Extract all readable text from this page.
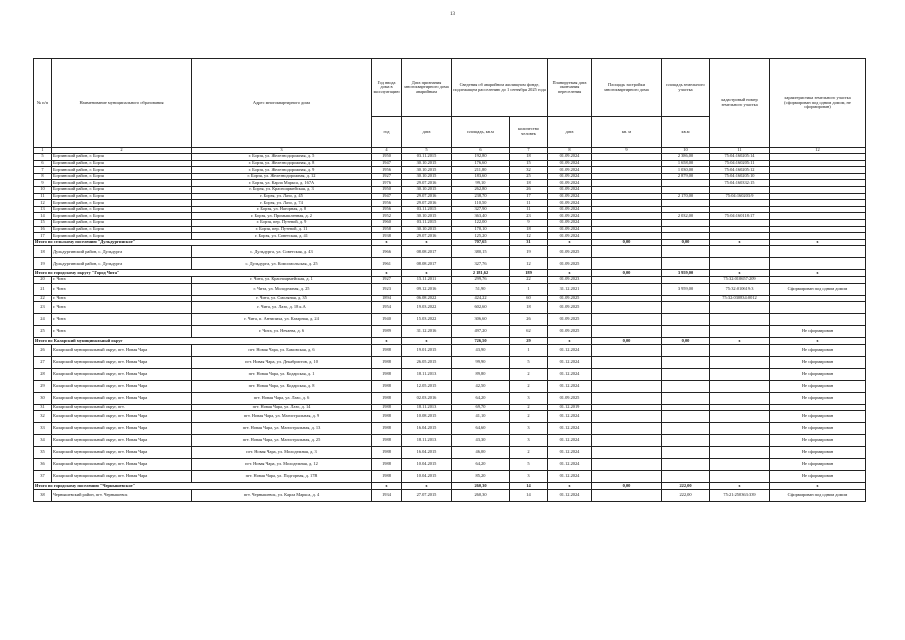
13
№ п/п	Наименование муниципального образования	Адрес многоквартирного дома	Год ввода дома в эксплуатацию	Дата признания многоквартирного дома аварийным	Сведения об аварийном жилищном фонде, подлежащем расселению до 1 сентября 2025 года		Планируемая дата окончания переселения	Площадь застройки многоквартирного дома	площадь земельного участка	кадастровый номер земельного участка	характеристика земельного участка (сформирован под одним домом, не сформирован)
			год	дата	площадь, кв.м	количество человек	дата	кв. м	кв.м		
1	2	3	4	5	6	7	8	9	10	11	12
5	Борзинский район, г. Борзя	г. Борзя, ул. Железнодорожная, д. 5	1950	03.11.2015	192,80	18	01.09.2024		2 386,00	75:04:160205:14	
6	Борзинский район, г. Борзя	г. Борзя, ул. Железнодорожная, д. 8	1947	30.10.2015	176,60	15	01.09.2024		1 658,00	75:04:160205:11	
7	Борзинский район, г. Борзя	г. Борзя, ул. Железнодорожная, д. 9	1956	30.10.2015	211,80	32	01.09.2024		1 030,00	75:04:160205:12	
8	Борзинский район, г. Борзя	г. Борзя, ул. Железнодорожная, д. 12	1927	30.10.2015	183,60	25	01.09.2024		2 879,00	75:04:160205:10	
9	Борзинский район, г. Борзя	г. Борзя, ул. Карла Маркса, д. 167А	1976	29.07.2016	99,10	18	01.09.2024			75:04:160332:15	
10	Борзинский район, г. Борзя	г. Борзя, ул. Красноармейская, д. 3	1950	30.10.2015	262,80	26	01.09.2024				
11	Борзинский район, г. Борзя	г. Борзя, ул. Лазо, д. 45	1947	29.07.2016	238,70	17	01.09.2024		2 170,00	75:04:160203:9	
12	Борзинский район, г. Борзя	г. Борзя, ул. Лазо, д. 74	1956	29.07.2016	110,50	11	01.09.2024				
13	Борзинский район, г. Борзя	г. Борзя, ул. Нагорная, д. 8	1956	03.11.2015	327,90	11	01.09.2024				
14	Борзинский район, г. Борзя	г. Борзя, ул. Промышленная, д. 2	1952	30.10.2015	363,40	23	01.09.2024		2 032,00	75:04:160118:17	
15	Борзинский район, г. Борзя	г. Борзя, пер. Путевой, д. 9	1960	03.11.2015	122,00	9	01.09.2024				
16	Борзинский район, г. Борзя	г. Борзя, пер. Путевой, д. 11	1958	30.10.2015	170,10	18	01.09.2024				
17	Борзинский район, г. Борзя	г. Борзя, ул. Советская, д. 41	1938	29.07.2016	125,20	12	01.09.2024				
Итого по сельскому поселению "Дульдургинское"			x	x	707,65	31	x	0,00	0,00	x	x
18	Дульдургинский район, с. Дульдурга	с. Дульдурга, ул. Советская, д. 43	1966	08.08.2017	380,15	19	01.09.2025				
19	Дульдургинский район, с. Дульдурга	с. Дульдурга, ул. Комсомольская, д. 25	1961	08.08.2017	327,76	12	01.09.2025				
Итого по городскому округу "Город Чита"			x	x	2 181,62	189	x	0,00	3 959,00	x	x
20	г. Чита	г. Чита, ул. Красноармейская, д. 1	1927	15.11.2011	299,76	22	01.09.2023			75:32:010657:209	
21	г. Чита	г. Чита, ул. Молодежная, д. 25	1923	09.12.2016	51,90	1	31.12.2021		3 959,00	75:32:010619:3	Сформирован под одним домом
22	г. Чита	г. Чита, ул. Смоляная, д. 35	1894	06.08.2022	424,22	60	01.09.2025			75:32:030834:0012	
23	г. Чита	г. Чита, ул. Лазо, д. 18 к.А	1954	19.03.2022	602,60	18	01.09.2025				
24	г. Чита	г. Чита, п. Антипиха, ул. Казарная, д. 24	1940	15.03.2022	306,60	26	01.09.2025				
25	г. Чита	г. Чита, ул. Нечаева, д. 6	1989	31.12.2016	497,20	62	01.09.2025				Не сформирован
Итого по Каларский муниципальный округ			x	x	726,50	29	x	0,00	0,00	x	x
26	Каларский муниципальный округ, пгт. Новая Чара	пгт. Новая Чара, ул. Бамовская, д. 6	1988	19.01.2015	43,90	1	01.12.2024				Не сформирован
27	Каларский муниципальный округ, пгт. Новая Чара	пгт. Новая Чара, ул. Декабристов, д. 10	1988	26.05.2015	99,90	5	01.12.2024				Не сформирован
28	Каларский муниципальный округ, пгт. Новая Чара	пгт. Новая Чара, ул. Кодарская, д. 1	1988	18.11.2013	89,80	2	01.12.2024				Не сформирован
29	Каларский муниципальный округ, пгт. Новая Чара	пгт. Новая Чара, ул. Кодарская, д. 8	1988	12.05.2015	42,50	2	01.12.2024				Не сформирован
30	Каларский муниципальный округ, пгт. Новая Чара	пгт. Новая Чара, ул. Лазо, д. 6	1988	02.03.2016	64,20	3	01.09.2025				Не сформирован
31	Каларский муниципальный округ, пгт.	пгт. Новая Чара, ул. Лазо, д. 14	1988	18.11.2013	69,70	2	01.12.2019				
32	Каларский муниципальный округ, пгт. Новая Чара	пгт. Новая Чара, ул. Магистральная, д. 9	1988	10.08.2015	41,10	2	01.12.2024				Не сформирован
33	Каларский муниципальный округ, пгт. Новая Чара	пгт. Новая Чара, ул. Магистральная, д. 13	1988	16.04.2015	64,60	3	01.12.2024				Не сформирован
34	Каларский муниципальный округ, пгт. Новая Чара	пгт. Новая Чара, ул. Магистральная, д. 25	1988	18.11.2013	43,30	3	01.12.2024				Не сформирован
35	Каларский муниципальный округ, пгт. Новая Чара	пгт. Новая Чара, ул. Молодежная, д. 3	1988	16.04.2015	46,00	2	01.12.2024				Не сформирован
36	Каларский муниципальный округ, пгт. Новая Чара	пгт. Новая Чара, ул. Молодежная, д. 12	1988	10.04.2015	64,20	5	01.12.2024				Не сформирован
37	Каларский муниципальный округ, пгт. Новая Чара	пгт. Новая Чара, ул. Подгорная, д. 17В	1988	10.04.2015	85,20	3	01.12.2024				Не сформирован
Итого по городскому поселению "Чернышевское"			x	x	260,30	14	x	0,00	222,00	x	x
38	Чернышевский район, пгт. Чернышевск	пгт. Чернышевск, ул. Карла Маркса, д. 4	1934	27.07.2015	260,30	14	01.12.2024		222,00	75:21:250363:339	Сформирован под одним домом
